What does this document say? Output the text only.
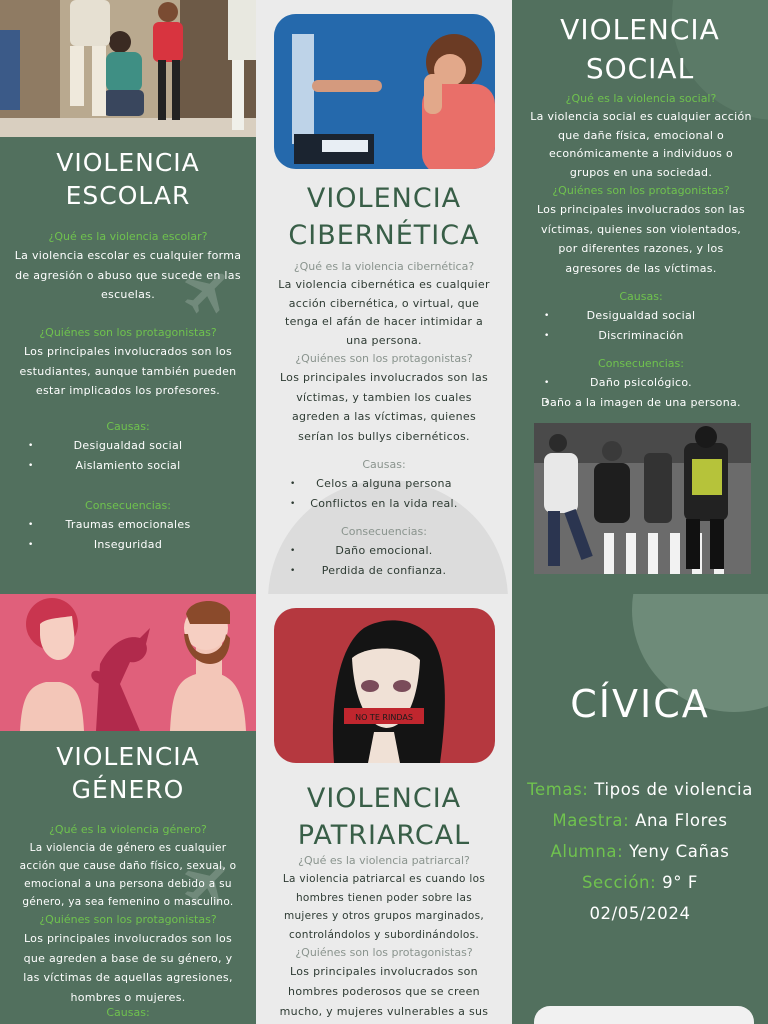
VIOLENCIA
ESCOLAR

¿Qué es la violencia escolar?

La violencia escolar es cualquier forma de agresión o abuso que sucede en las escuelas.

¿Quiénes son los protagonistas?

Los principales involucrados son los estudiantes, aunque también pueden estar implicados los profesores.

Causas:

• Desigualdad social
• Aislamiento social

Consecuencias:

• Traumas emocionales
• Inseguridad
VIOLENCIA
CIBERNÉTICA

¿Qué es la violencia cibernética?

La violencia cibernética es cualquier acción cibernética, o virtual, que tenga el afán de hacer intimidar a una persona.

¿Quiénes son los protagonistas?

Los principales involucrados son las víctimas, y tambien los cuales agreden a las víctimas, quienes serían los bullys cibernéticos.

Causas:

• Celos a alguna persona
• Conflictos en la vida real.

Consecuencias:

• Daño emocional.
• Perdida de confianza.
VIOLENCIA
SOCIAL

¿Qué es la violencia social?

La violencia social es cualquier acción que dañe física, emocional o económicamente a individuos o grupos en una sociedad.

¿Quiénes son los protagonistas?

Los principales involucrados son las víctimas, quienes son violentados, por diferentes razones, y los agresores de las víctimas.

Causas:

• Desigualdad social
• Discriminación

Consecuencias:

• Daño psicológico.
• Daño a la imagen de una persona.
VIOLENCIA
GÉNERO

¿Qué es la violencia género?

La violencia de género es cualquier acción que cause daño físico, sexual, o emocional a una persona debido a su género, ya sea femenino o masculino.

¿Quiénes son los protagonistas?

Los principales involucrados son los que agreden a base de su género, y las víctimas de aquellas agresiones, hombres o mujeres.

Causas:

NO TE RINDAS
VIOLENCIA
PATRIARCAL

¿Qué es la violencia patriarcal?

La violencia patriarcal es cuando los hombres tienen poder sobre las mujeres y otros grupos marginados, controlándolos y subordinándolos.

¿Quiénes son los protagonistas?

Los principales involucrados son hombres poderosos que se creen mucho, y mujeres vulnerables a sus

CÍVICA
Temas: Tipos de violencia
Maestra: Ana Flores
Alumna: Yeny Cañas
Sección: 9° F
02/05/2024
